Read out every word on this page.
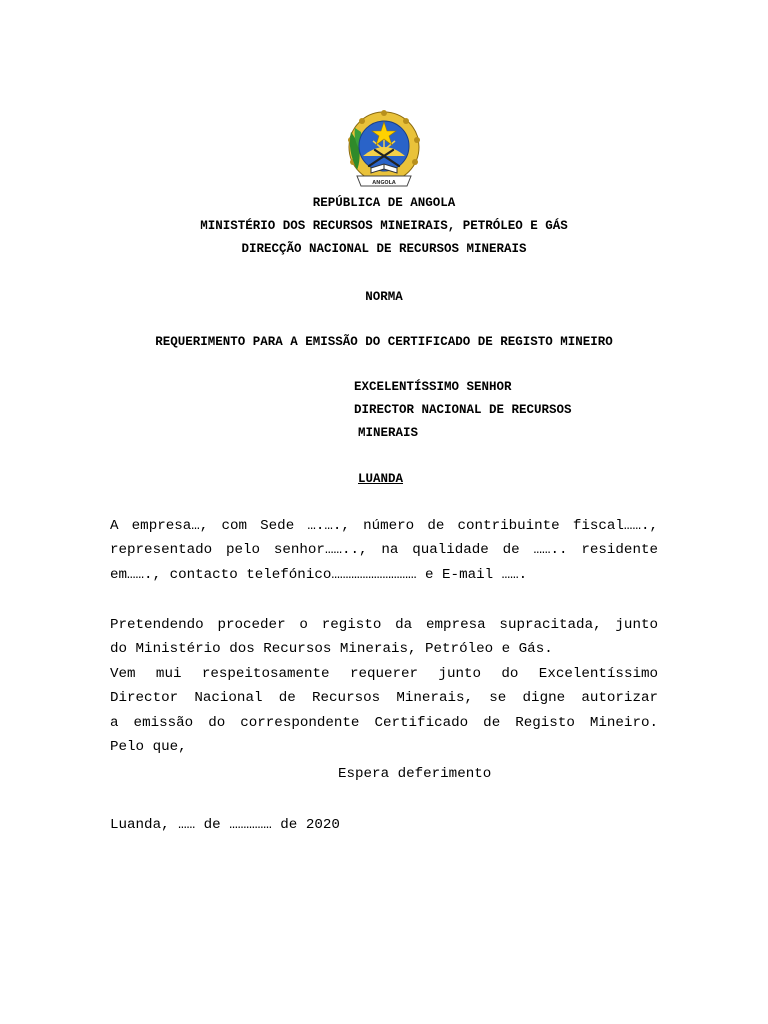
ANGOLA
REPÚBLICA DE ANGOLA
MINISTÉRIO DOS RECURSOS MINEIRAIS, PETRÓLEO E GÁS
DIRECÇÃO NACIONAL DE RECURSOS MINERAIS
NORMA
REQUERIMENTO PARA A EMISSÃO DO CERTIFICADO DE REGISTO MINEIRO
EXCELENTÍSSIMO SENHOR
DIRECTOR NACIONAL DE RECURSOS
MINERAIS
LUANDA
A empresa…, com Sede ….…., número de contribuinte fiscal…….,
representado pelo senhor…….., na qualidade de …….. residente
em……., contacto telefónico………………………… e E-mail …….
Pretendendo proceder o registo da empresa supracitada, junto
do Ministério dos Recursos Minerais, Petróleo e Gás.
Vem mui respeitosamente requerer junto do Excelentíssimo
Director Nacional de Recursos Minerais, se digne autorizar
a emissão do correspondente Certificado de Registo Mineiro.
Pelo que,
Espera deferimento
Luanda, …… de …………… de 2020
